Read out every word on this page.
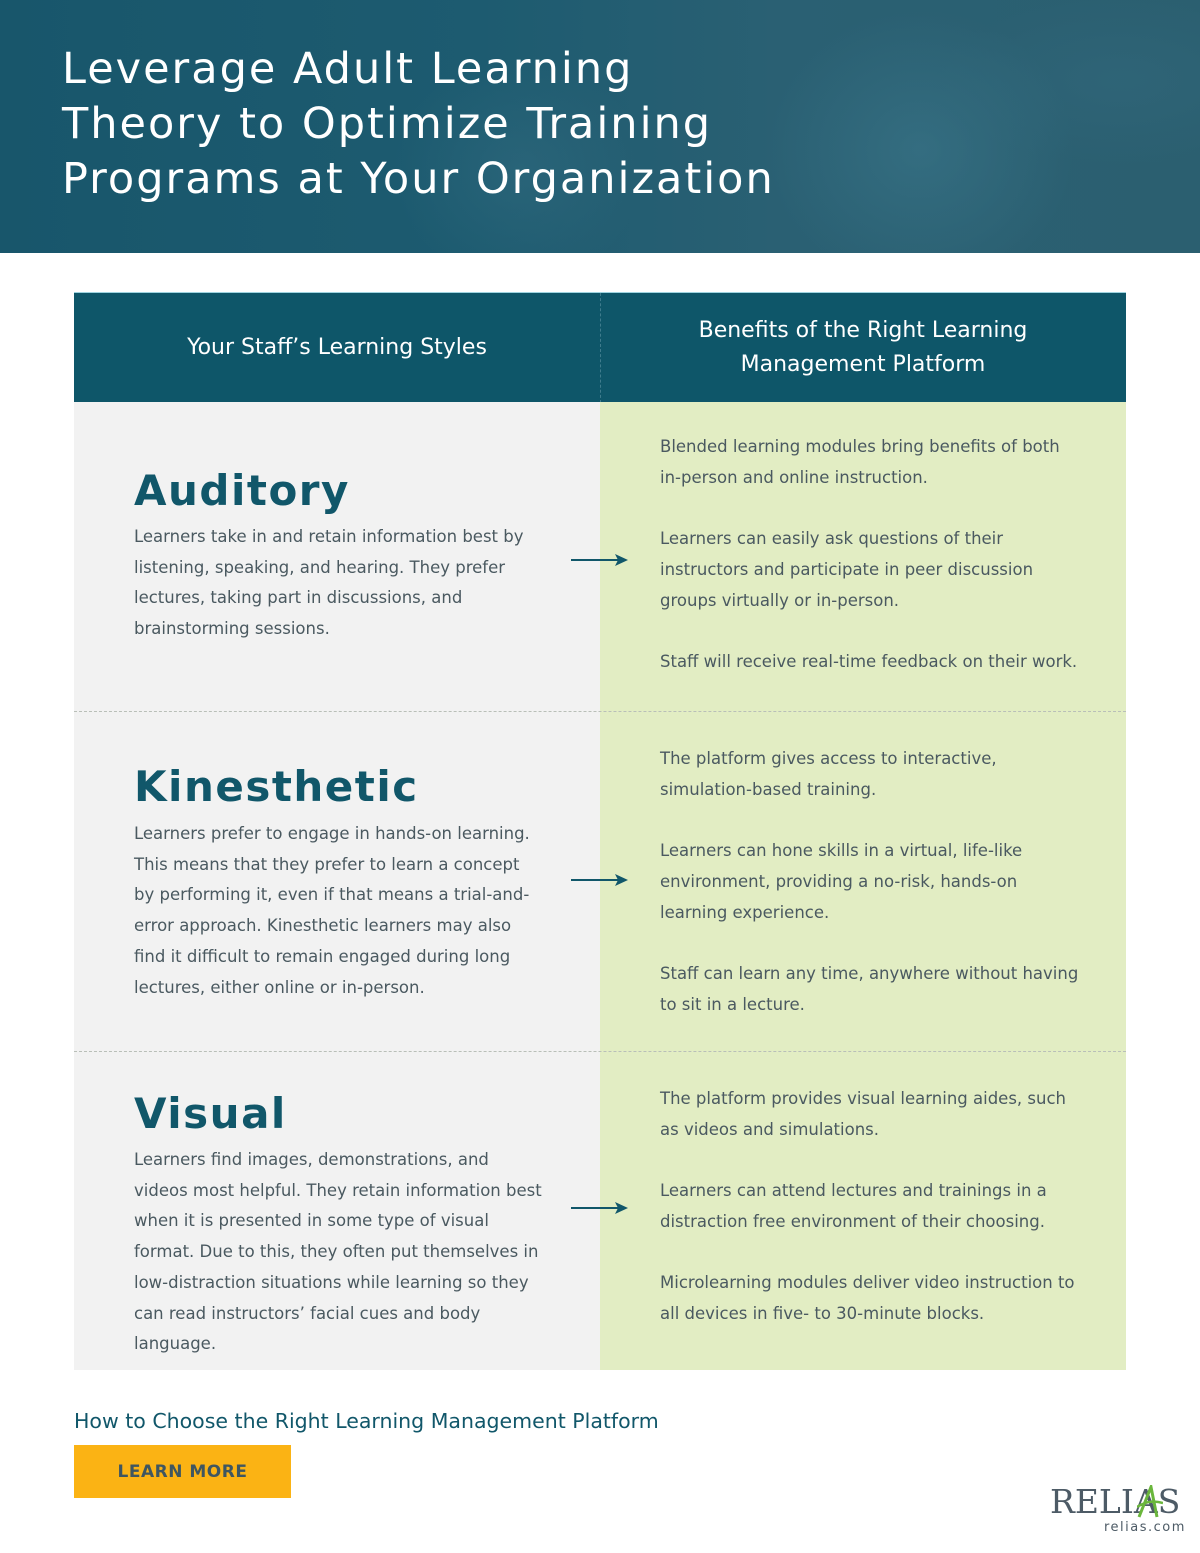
Leverage Adult Learning
Theory to Optimize Training
Programs at Your Organization
Your Staff’s Learning Styles
Benefits of the Right Learning Management Platform
Auditory

Learners take in and retain information best by listening, speaking, and hearing. They prefer lectures, taking part in discussions, and brainstorming sessions.

Blended learning modules bring benefits of both in-person and online instruction.

Learners can easily ask questions of their instructors and participate in peer discussion groups virtually or in-person.

Staff will receive real-time feedback on their work.

Kinesthetic

Learners prefer to engage in hands-on learning. This means that they prefer to learn a concept by performing it, even if that means a trial-and-error approach. Kinesthetic learners may also find it difficult to remain engaged during long lectures, either online or in-person.

The platform gives access to interactive, simulation-based training.

Learners can hone skills in a virtual, life-like environment, providing a no-risk, hands-on learning experience.

Staff can learn any time, anywhere without having to sit in a lecture.

Visual

Learners find images, demonstrations, and videos most helpful. They retain information best when it is presented in some type of visual format. Due to this, they often put themselves in low-distraction situations while learning so they can read instructors’ facial cues and body language.

The platform provides visual learning aides, such as videos and simulations.

Learners can attend lectures and trainings in a distraction free environment of their choosing.

Microlearning modules deliver video instruction to all devices in five- to 30-minute blocks.

How to Choose the Right Learning Management Platform
LEARN MORE
RELIAS
relias.com
